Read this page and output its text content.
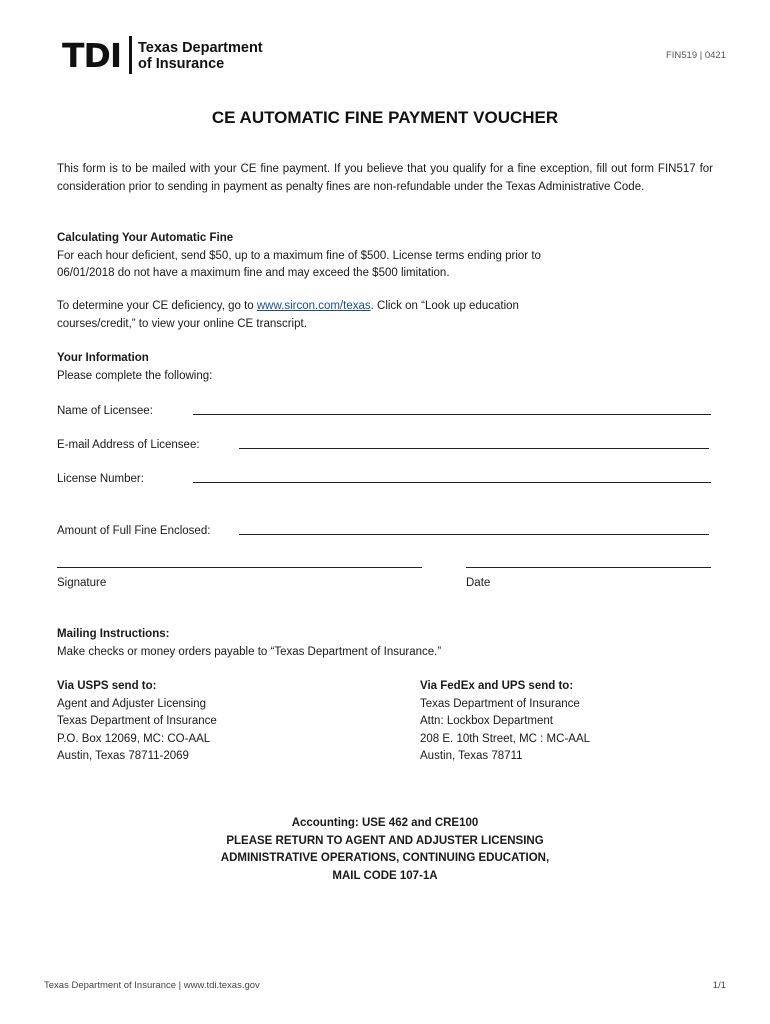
TDI Texas Department
of Insurance
FIN519 | 0421
CE AUTOMATIC FINE PAYMENT VOUCHER
This form is to be mailed with your CE fine payment. If you believe that you qualify for a fine exception, fill out form FIN517 for consideration prior to sending in payment as penalty fines are non-refundable under the Texas Administrative Code.
Calculating Your Automatic Fine
For each hour deficient, send $50, up to a maximum fine of $500. License terms ending prior to
06/01/2018 do not have a maximum fine and may exceed the $500 limitation.
To determine your CE deficiency, go to www.sircon.com/texas. Click on “Look up education
courses/credit,” to view your online CE transcript.
Your Information
Please complete the following:
Name of Licensee:
E-mail Address of Licensee:
License Number:
Amount of Full Fine Enclosed:
Signature	Date
Mailing Instructions:
Make checks or money orders payable to “Texas Department of Insurance.”
Via USPS send to:
Agent and Adjuster Licensing
Texas Department of Insurance
P.O. Box 12069, MC: CO-AAL
Austin, Texas 78711-2069
Via FedEx and UPS send to:
Texas Department of Insurance
Attn: Lockbox Department
208 E. 10th Street, MC : MC-AAL
Austin, Texas 78711
Accounting: USE 462 and CRE100
PLEASE RETURN TO AGENT AND ADJUSTER LICENSING
ADMINISTRATIVE OPERATIONS, CONTINUING EDUCATION,
MAIL CODE 107-1A
Texas Department of Insurance | www.tdi.texas.gov	1/1
